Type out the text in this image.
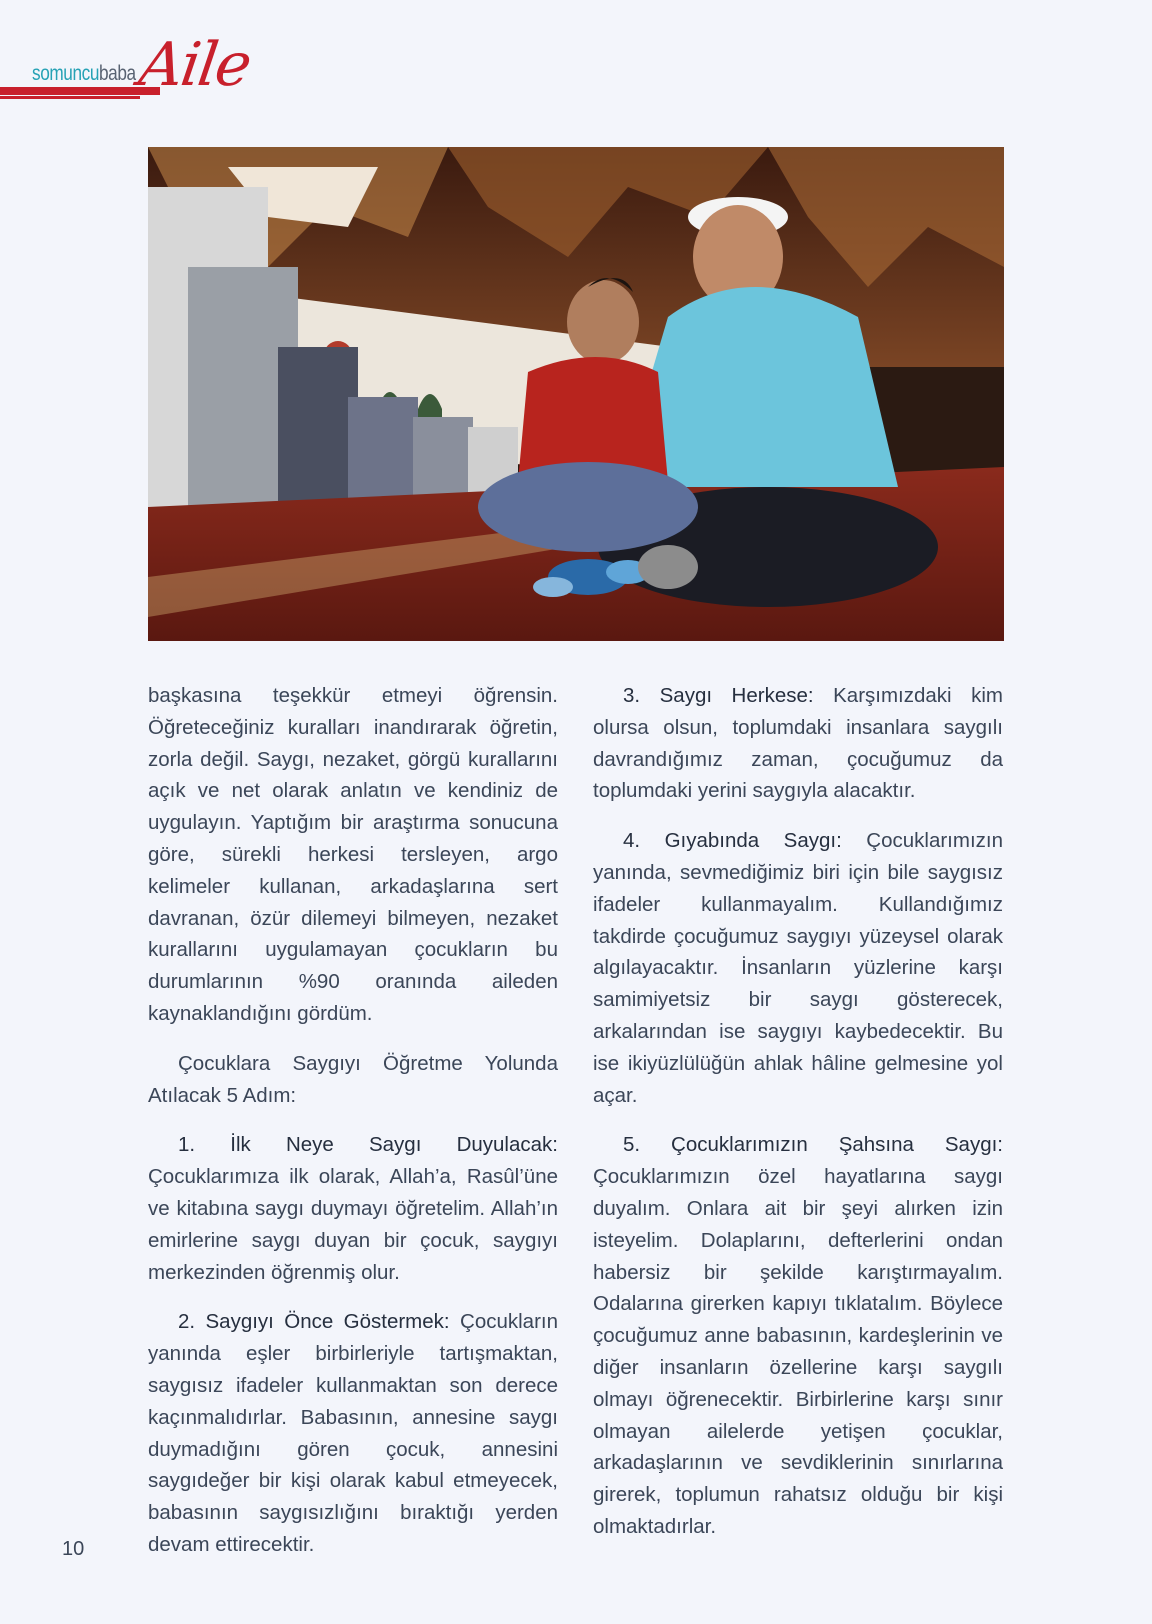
somuncubaba Aile

başkasına teşekkür etmeyi öğrensin. Öğreteceğiniz kuralları inandırarak öğretin, zorla değil. Saygı, nezaket, görgü kurallarını açık ve net olarak anlatın ve kendiniz de uygulayın. Yaptığım bir araştırma sonucuna göre, sürekli herkesi tersleyen, argo kelimeler kullanan, arkadaşlarına sert davranan, özür dilemeyi bilmeyen, nezaket kurallarını uygulamayan çocukların bu durumlarının %90 oranında aileden kaynaklandığını gördüm.

Çocuklara Saygıyı Öğretme Yolunda Atılacak 5 Adım:

1. İlk Neye Saygı Duyulacak: Çocuklarımıza ilk olarak, Allah’a, Rasûl’üne ve kitabına saygı duymayı öğretelim. Allah’ın emirlerine saygı duyan bir çocuk, saygıyı merkezinden öğrenmiş olur.

2. Saygıyı Önce Göstermek: Çocukların yanında eşler birbirleriyle tartışmaktan, saygısız ifadeler kullanmaktan son derece kaçınmalıdırlar. Babasının, annesine saygı duymadığını gören çocuk, annesini saygıdeğer bir kişi olarak kabul etmeyecek, babasının saygısızlığını bıraktığı yerden devam ettirecektir.

3. Saygı Herkese: Karşımızdaki kim olursa olsun, toplumdaki insanlara saygılı davrandığımız zaman, çocuğumuz da toplumdaki yerini saygıyla alacaktır.

4. Gıyabında Saygı: Çocuklarımızın yanında, sevmediğimiz biri için bile saygısız ifadeler kullanmayalım. Kullandığımız takdirde çocuğumuz saygıyı yüzeysel olarak algılayacaktır. İnsanların yüzlerine karşı samimiyetsiz bir saygı gösterecek, arkalarından ise saygıyı kaybedecektir. Bu ise ikiyüzlülüğün ahlak hâline gelmesine yol açar.

5. Çocuklarımızın Şahsına Saygı: Çocuklarımızın özel hayatlarına saygı duyalım. Onlara ait bir şeyi alırken izin isteyelim. Dolaplarını, defterlerini ondan habersiz bir şekilde karıştırmayalım. Odalarına girerken kapıyı tıklatalım. Böylece çocuğumuz anne babasının, kardeşlerinin ve diğer insanların özellerine karşı saygılı olmayı öğrenecektir. Birbirlerine karşı sınır olmayan ailelerde yetişen çocuklar, arkadaşlarının ve sevdiklerinin sınırlarına girerek, toplumun rahatsız olduğu bir kişi olmaktadırlar.

10
